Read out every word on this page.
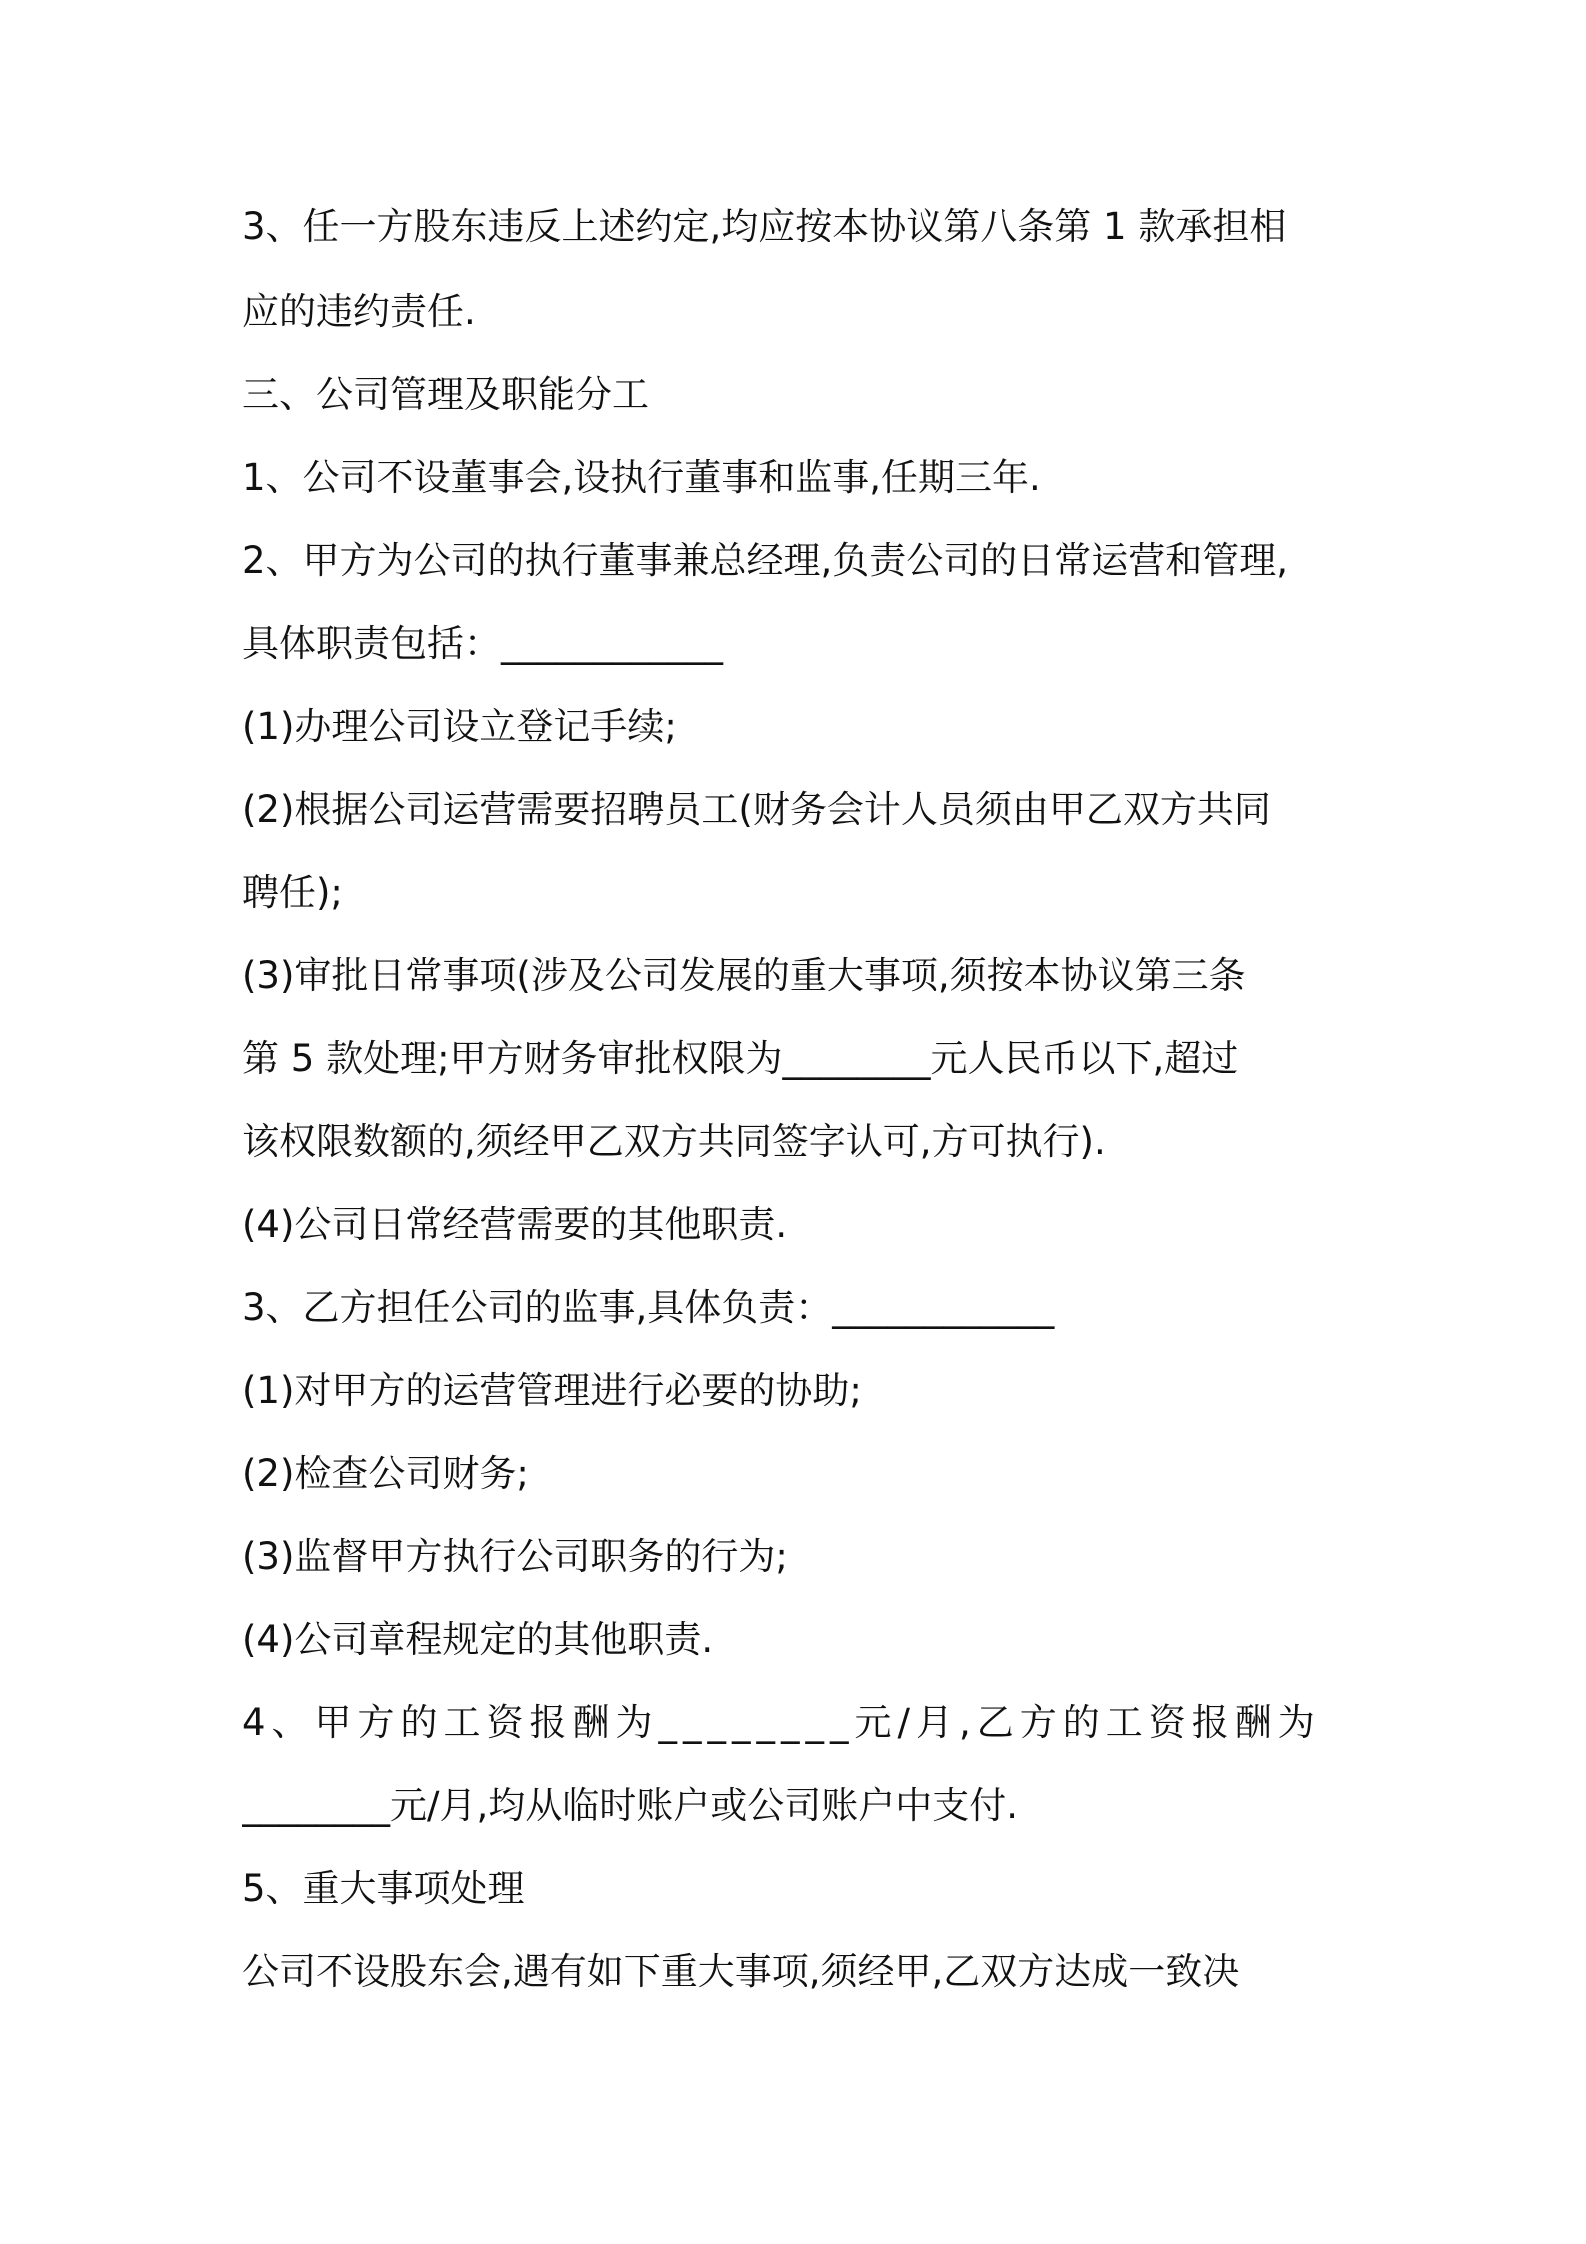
3、任一方股东违反上述约定,均应按本协议第八条第 1 款承担相
应的违约责任.
三、公司管理及职能分工
1、公司不设董事会,设执行董事和监事,任期三年.
2、甲方为公司的执行董事兼总经理,负责公司的日常运营和管理,
具体职责包括：____________
(1)办理公司设立登记手续;
(2)根据公司运营需要招聘员工(财务会计人员须由甲乙双方共同
聘任);
(3)审批日常事项(涉及公司发展的重大事项,须按本协议第三条
第 5 款处理;甲方财务审批权限为________元人民币以下,超过
该权限数额的,须经甲乙双方共同签字认可,方可执行).
(4)公司日常经营需要的其他职责.
3、乙方担任公司的监事,具体负责：____________
(1)对甲方的运营管理进行必要的协助;
(2)检查公司财务;
(3)监督甲方执行公司职务的行为;
(4)公司章程规定的其他职责.
4、甲方的工资报酬为________元/月,乙方的工资报酬为
________元/月,均从临时账户或公司账户中支付.
5、重大事项处理
公司不设股东会,遇有如下重大事项,须经甲,乙双方达成一致决
